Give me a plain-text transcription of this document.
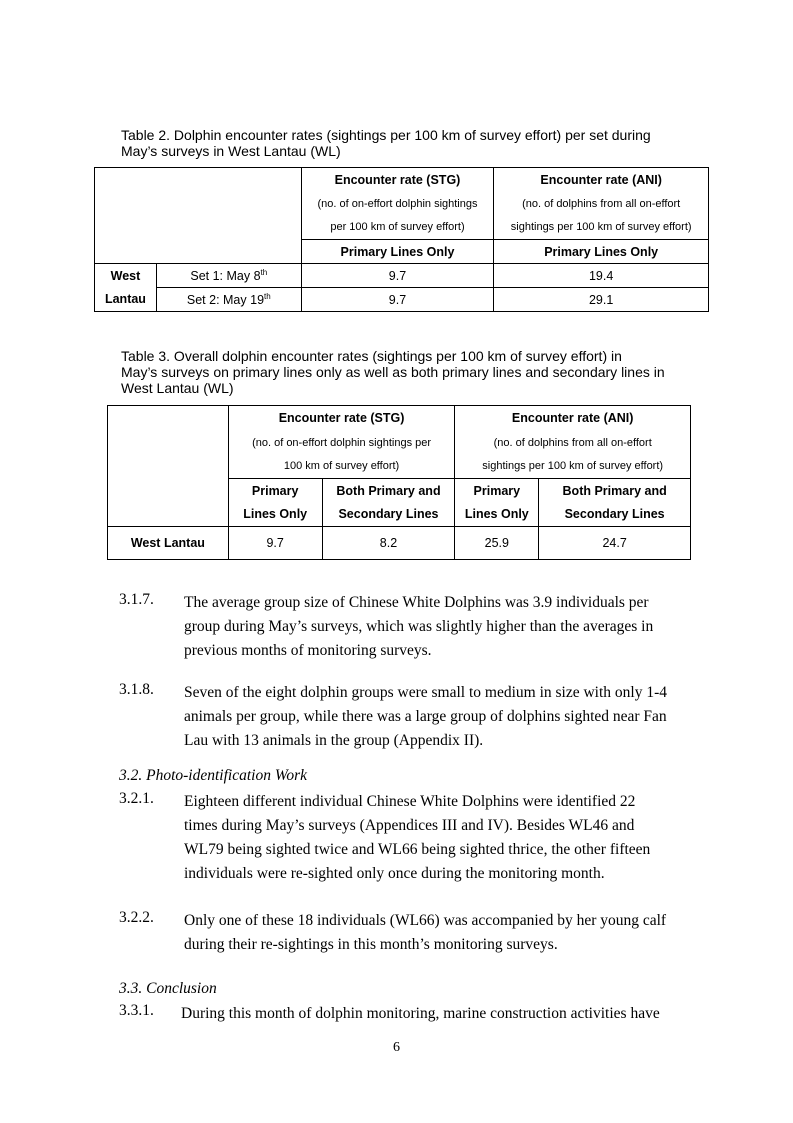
Table 2. Dolphin encounter rates (sightings per 100 km of survey effort) per set during
May’s surveys in West Lantau (WL)
		Encounter rate (STG)	Encounter rate (ANI)
		(no. of on-effort dolphin sightings	(no. of dolphins from all on-effort
		per 100 km of survey effort)	sightings per 100 km of survey effort)
		Primary Lines Only	Primary Lines Only
West	Set 1: May 8th	9.7	19.4
Lantau	Set 2: May 19th	9.7	29.1
Table 3. Overall dolphin encounter rates (sightings per 100 km of survey effort) in
May’s surveys on primary lines only as well as both primary lines and secondary lines in
West Lantau (WL)
	Encounter rate (STG)		Encounter rate (ANI)	
	(no. of on-effort dolphin sightings per		(no. of dolphins from all on-effort	
	100 km of survey effort)		sightings per 100 km of survey effort)	
	Primary	Both Primary and	Primary	Both Primary and
	Lines Only	Secondary Lines	Lines Only	Secondary Lines
West Lantau	9.7	8.2	25.9	24.7
3.1.7. The average group size of Chinese White Dolphins was 3.9 individuals per
group during May’s surveys, which was slightly higher than the averages in
previous months of monitoring surveys.
3.1.8. Seven of the eight dolphin groups were small to medium in size with only 1-4
animals per group, while there was a large group of dolphins sighted near Fan
Lau with 13 animals in the group (Appendix II).
3.2. Photo-identification Work
3.2.1. Eighteen different individual Chinese White Dolphins were identified 22
times during May’s surveys (Appendices III and IV). Besides WL46 and
WL79 being sighted twice and WL66 being sighted thrice, the other fifteen
individuals were re-sighted only once during the monitoring month.
3.2.2. Only one of these 18 individuals (WL66) was accompanied by her young calf
during their re-sightings in this month’s monitoring surveys.
3.3. Conclusion
3.3.1. During this month of dolphin monitoring, marine construction activities have
6
